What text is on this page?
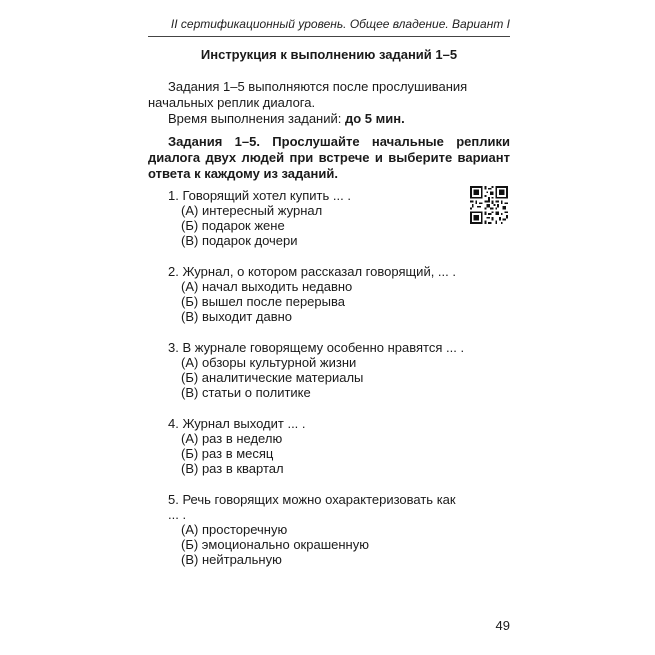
II сертификационный уровень. Общее владение. Вариант I
Инструкция к выполнению заданий 1–5
Задания 1–5 выполняются после прослушивания начальных реплик диалога.
Время выполнения заданий: до 5 мин.
Задания 1–5. Прослушайте начальные реплики диалога двух людей при встрече и выберите вариант ответа к каждому из заданий.
1. Говорящий хотел купить ... .
(А) интересный журнал
(Б) подарок жене
(В) подарок дочери
2. Журнал, о котором рассказал говорящий, ... .
(А) начал выходить недавно
(Б) вышел после перерыва
(В) выходит давно
3. В журнале говорящему особенно нравятся ... .
(А) обзоры культурной жизни
(Б) аналитические материалы
(В) статьи о политике
4. Журнал выходит ... .
(А) раз в неделю
(Б) раз в месяц
(В) раз в квартал
5. Речь говорящих можно охарактеризовать как ... .
(А) просторечную
(Б) эмоционально окрашенную
(В) нейтральную
49
